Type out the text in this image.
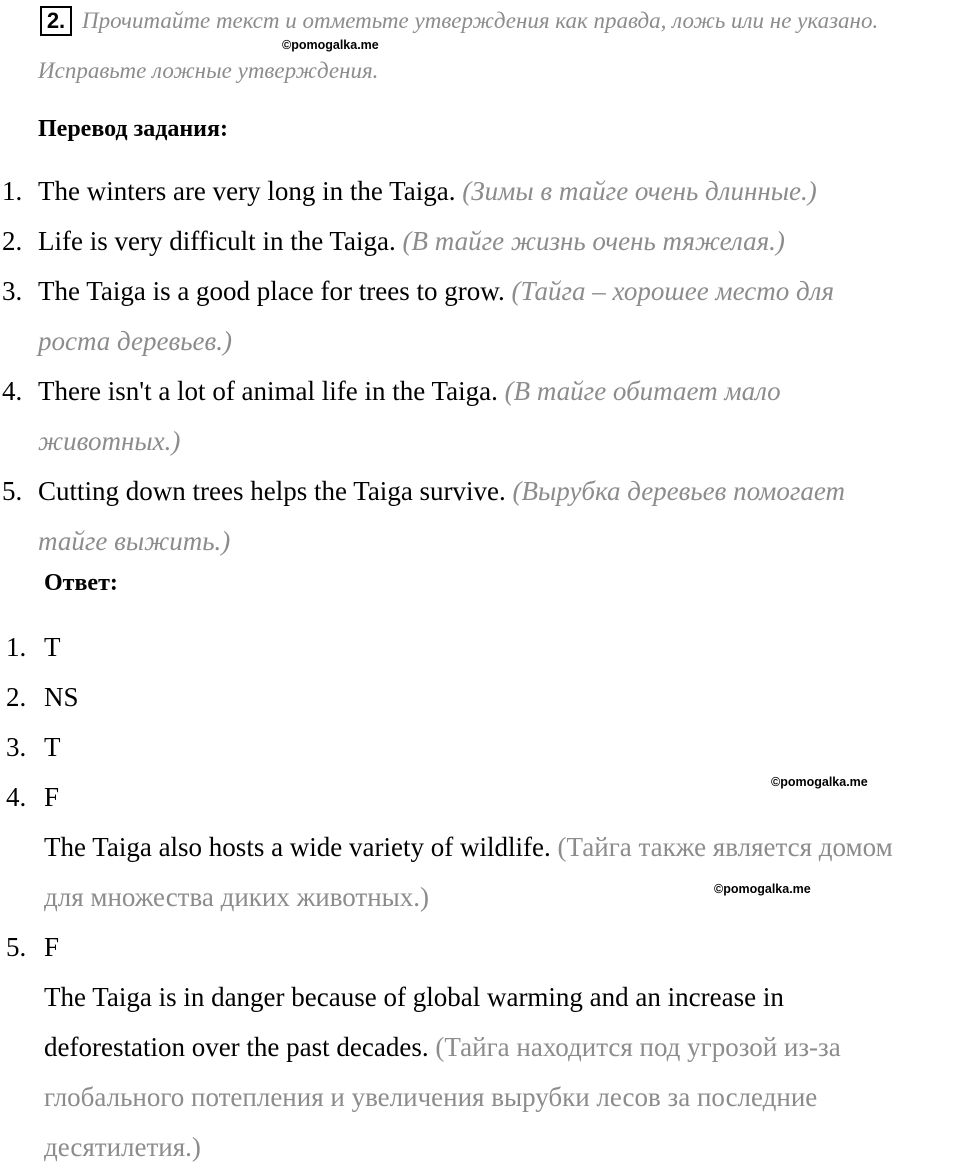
2. Прочитайте текст и отметьте утверждения как правда, ложь или не указано.
©pomogalka.me
Исправьте ложные утверждения.
Перевод задания:
1. The winters are very long in the Taiga. (Зимы в тайге очень длинные.)
2. Life is very difficult in the Taiga. (В тайге жизнь очень тяжелая.)
3. The Taiga is a good place for trees to grow. (Тайга – хорошее место для
роста деревьев.)
4. There isn't a lot of animal life in the Taiga. (В тайге обитает мало
животных.)
5. Cutting down trees helps the Taiga survive. (Вырубка деревьев помогает
тайге выжить.)
Ответ:
1. T
2. NS
3. T
4. F
The Taiga also hosts a wide variety of wildlife. (Тайга также является домом
для множества диких животных.)
5. F
The Taiga is in danger because of global warming and an increase in
deforestation over the past decades. (Тайга находится под угрозой из-за
глобального потепления и увеличения вырубки лесов за последние
десятилетия.)
©pomogalka.me
©pomogalka.me
